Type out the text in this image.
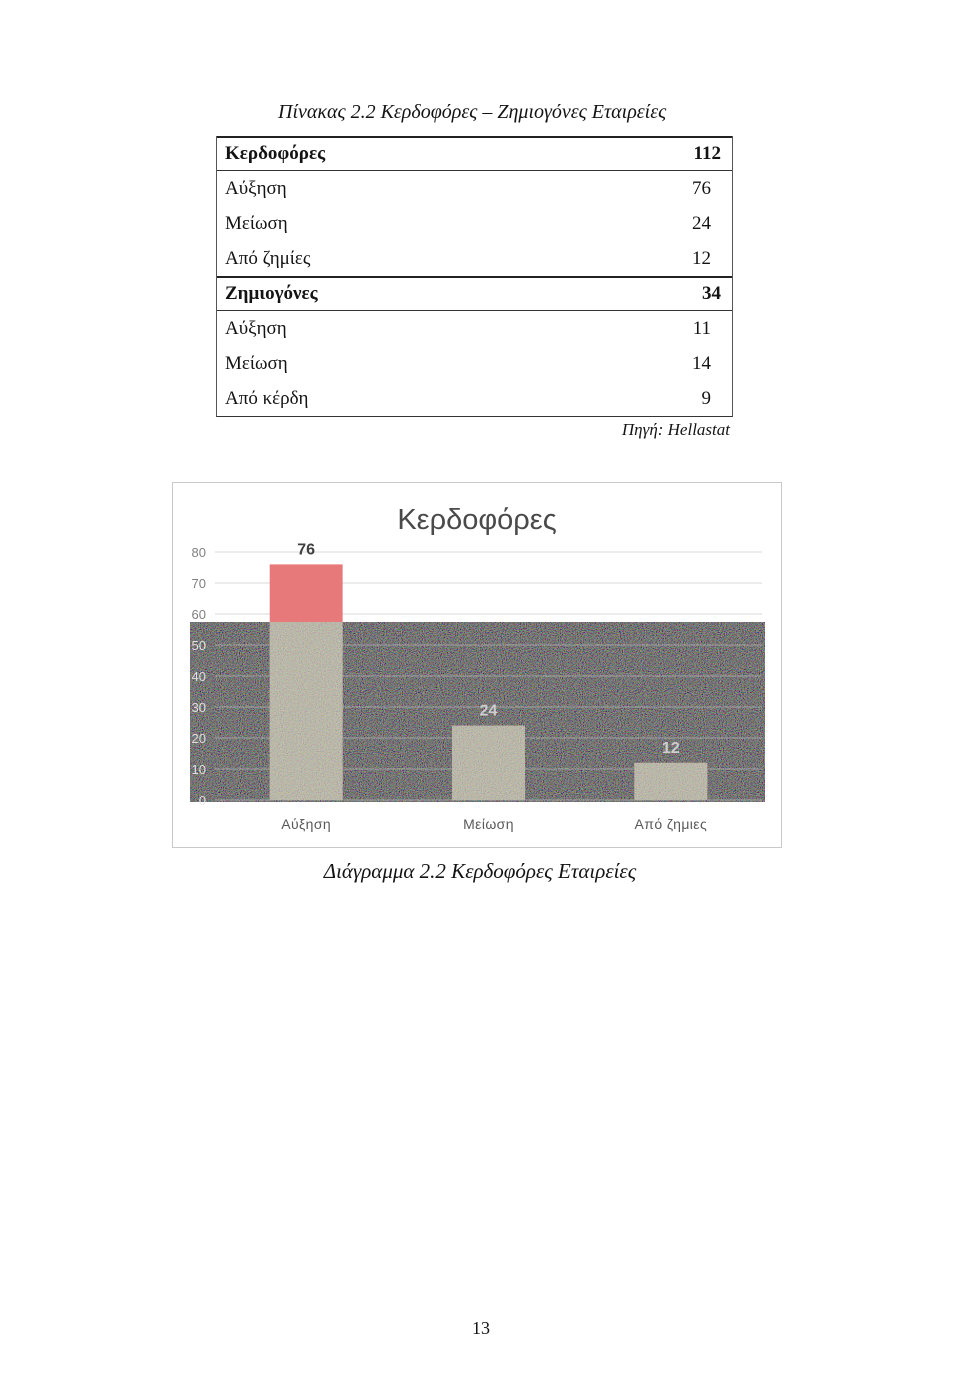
Πίνακας 2.2 Κερδοφόρες – Ζημιογόνες Εταιρείες
Κερδοφόρες	112
Αύξηση	76
Μείωση	24
Από ζημίες	12
Ζημιογόνες	34
Αύξηση	11
Μείωση	14
Από κέρδη	9
Πηγή: Hellastat
Κερδοφόρες
0
10
20
30
40
50
60
70
80	76
Αύξηση
24
Μείωση
12
Από ζημιες
Διάγραμμα 2.2 Κερδοφόρες Εταιρείες
13
